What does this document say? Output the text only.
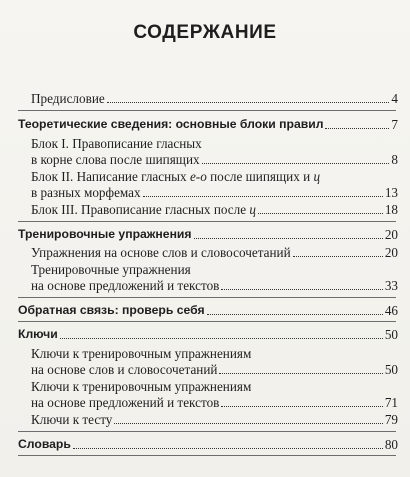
СОДЕРЖАНИЕ
Предисловие	4
Теоретические сведения: основные блоки правил	7
Блок I. Правописание гласных
в корне слова после шипящих	8
Блок II. Написание гласных е-о после шипящих и ц
в разных морфемах	13
Блок III. Правописание гласных после ц	18
Тренировочные упражнения	20
Упражнения на основе слов и словосочетаний	20
Тренировочные упражнения
на основе предложений и текстов	33
Обратная связь: проверь себя	46
Ключи	50
Ключи к тренировочным упражнениям
на основе слов и словосочетаний	50
Ключи к тренировочным упражнениям
на основе предложений и текстов	71
Ключи к тесту	79
Словарь	80
